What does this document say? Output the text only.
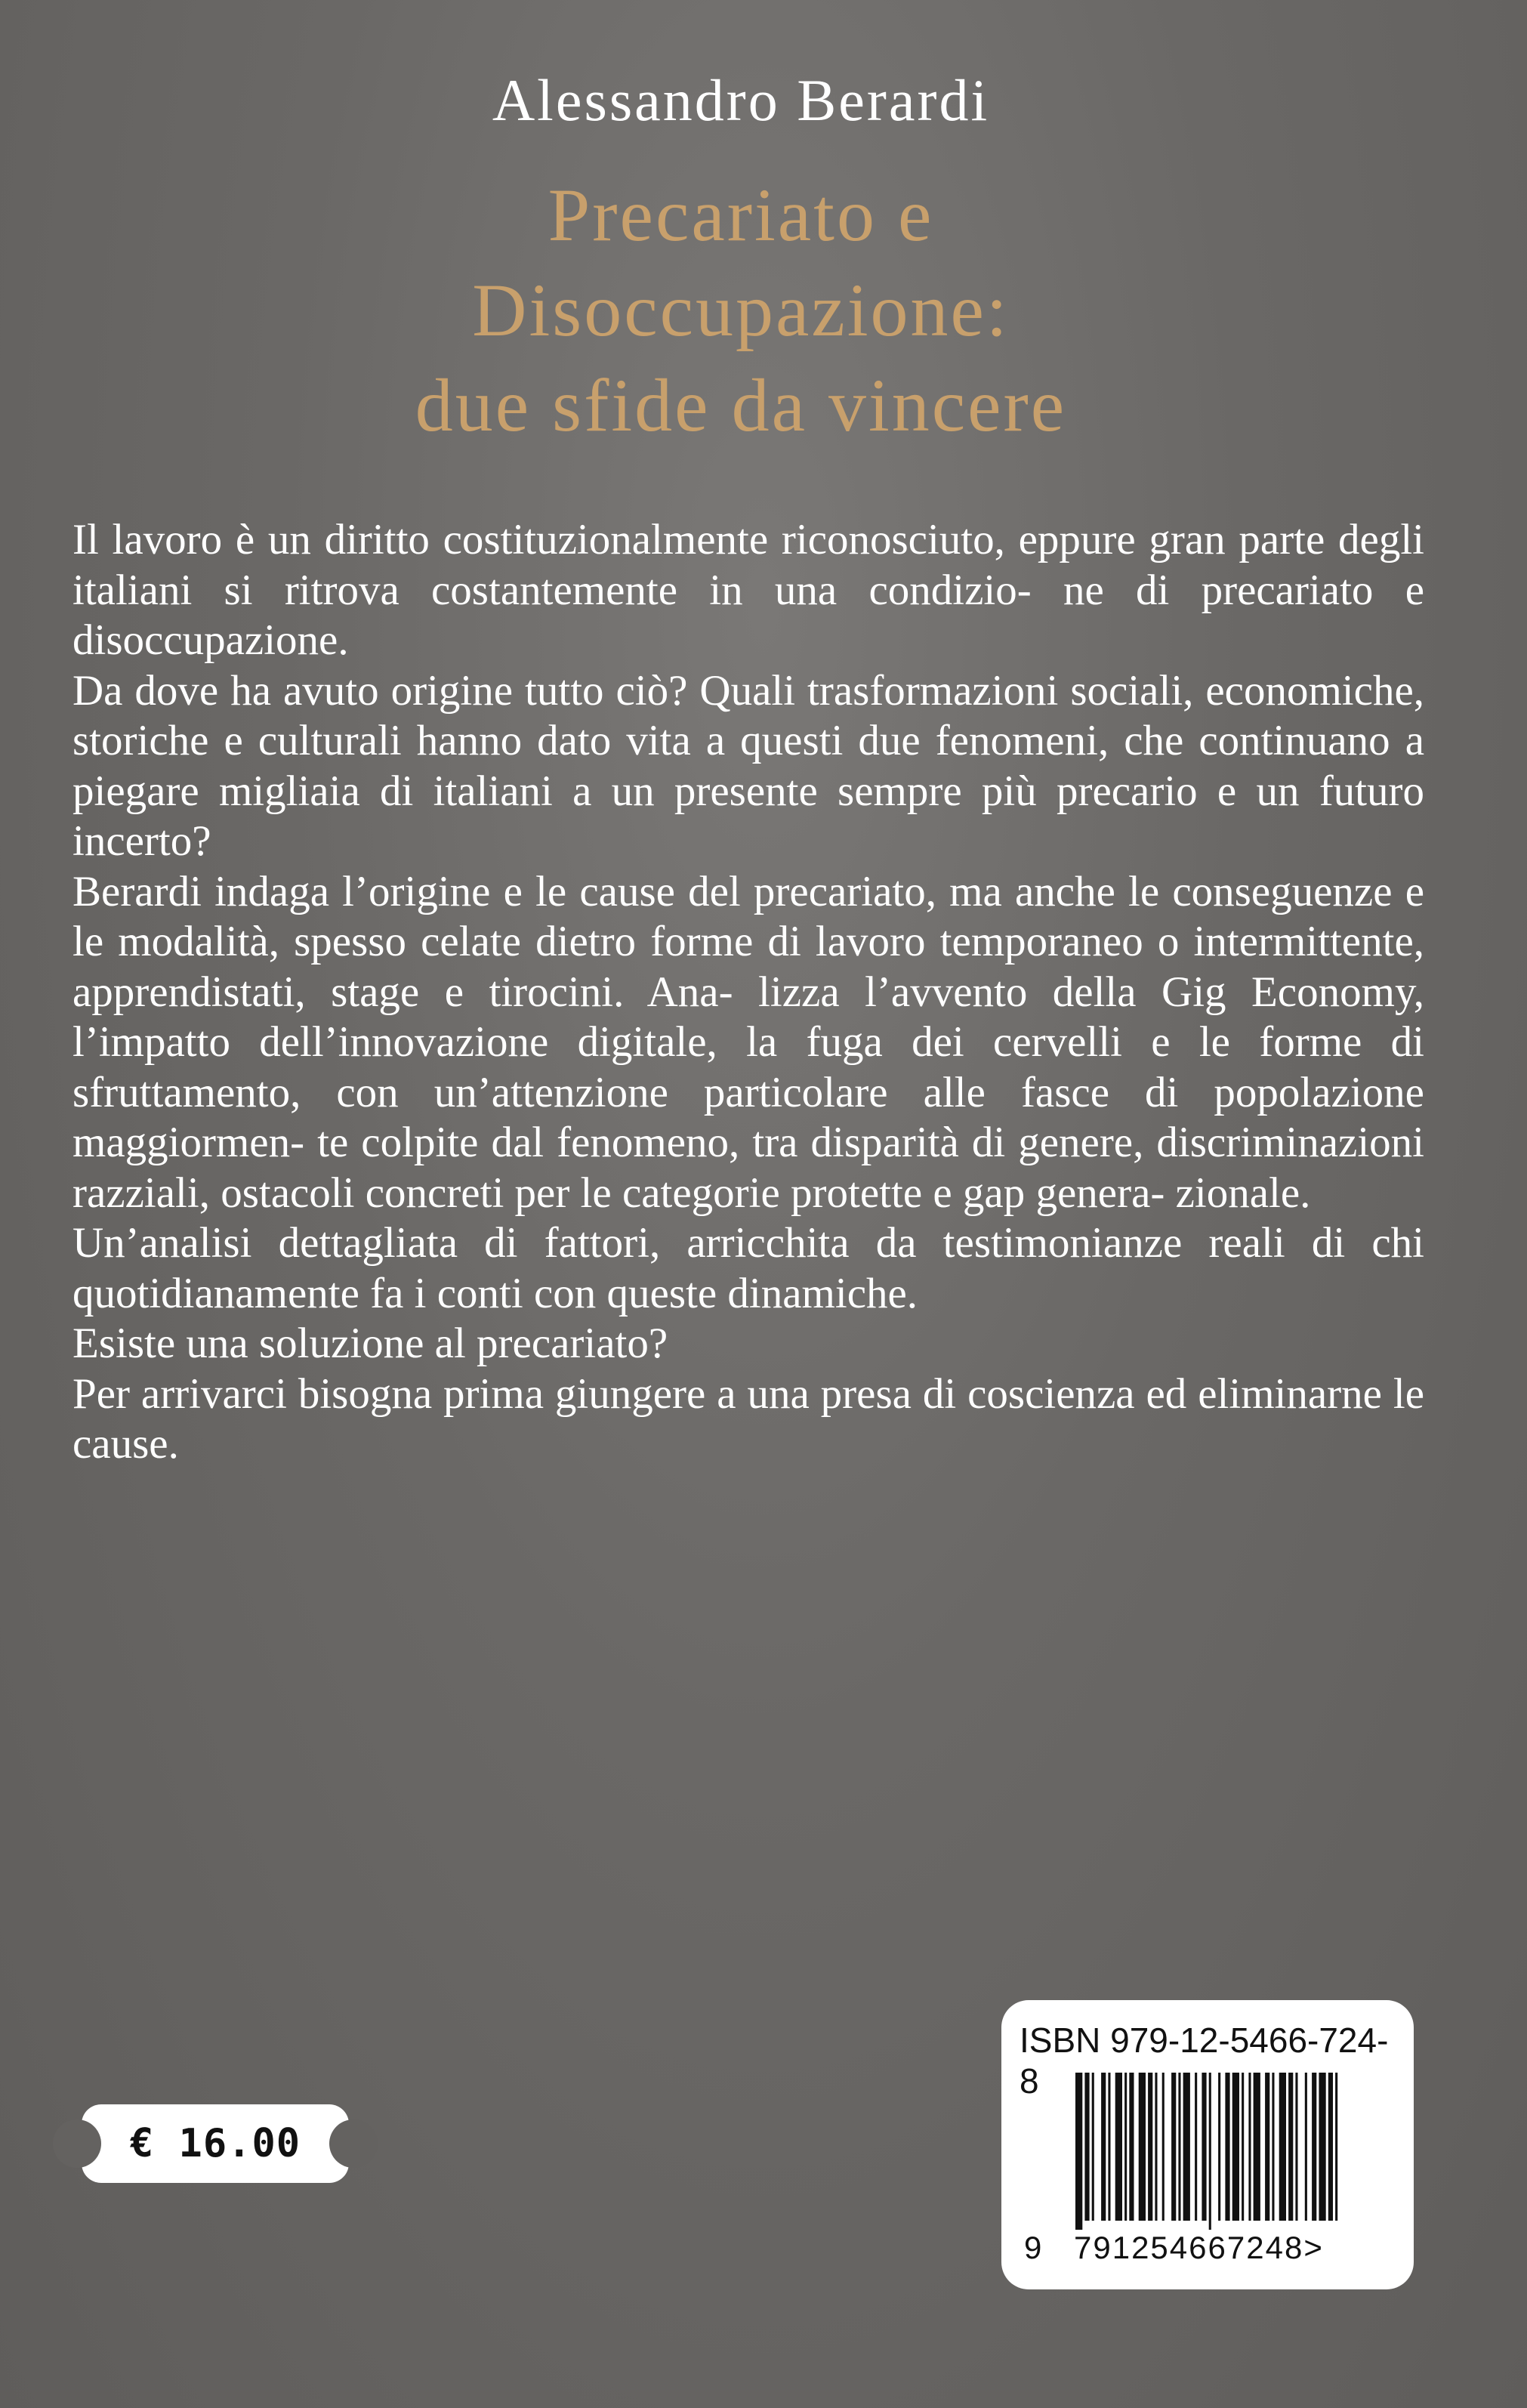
Alessandro Berardi
Precariato e
Disoccupazione:
due sfide da vincere

Il lavoro è un diritto costituzionalmente riconosciuto, eppure gran parte degli italiani si ritrova costantemente in una condizio- ne di precariato e disoccupazione.

Da dove ha avuto origine tutto ciò? Quali trasformazioni sociali, economiche, storiche e culturali hanno dato vita a questi due fenomeni, che continuano a piegare migliaia di italiani a un presente sempre più precario e un futuro incerto?

Berardi indaga l’origine e le cause del precariato, ma anche le conseguenze e le modalità, spesso celate dietro forme di lavoro temporaneo o intermittente, apprendistati, stage e tirocini. Ana- lizza l’avvento della Gig Economy, l’impatto dell’innovazione digitale, la fuga dei cervelli e le forme di sfruttamento, con un’attenzione particolare alle fasce di popolazione maggiormen- te colpite dal fenomeno, tra disparità di genere, discriminazioni razziali, ostacoli concreti per le categorie protette e gap genera- zionale.

Un’analisi dettagliata di fattori, arricchita da testimonianze reali di chi quotidianamente fa i conti con queste dinamiche.

Esiste una soluzione al precariato?

Per arrivarci bisogna prima giungere a una presa di coscienza ed eliminarne le cause.

€ 16.00
ISBN 979-12-5466-724-8
9 791254667248>
